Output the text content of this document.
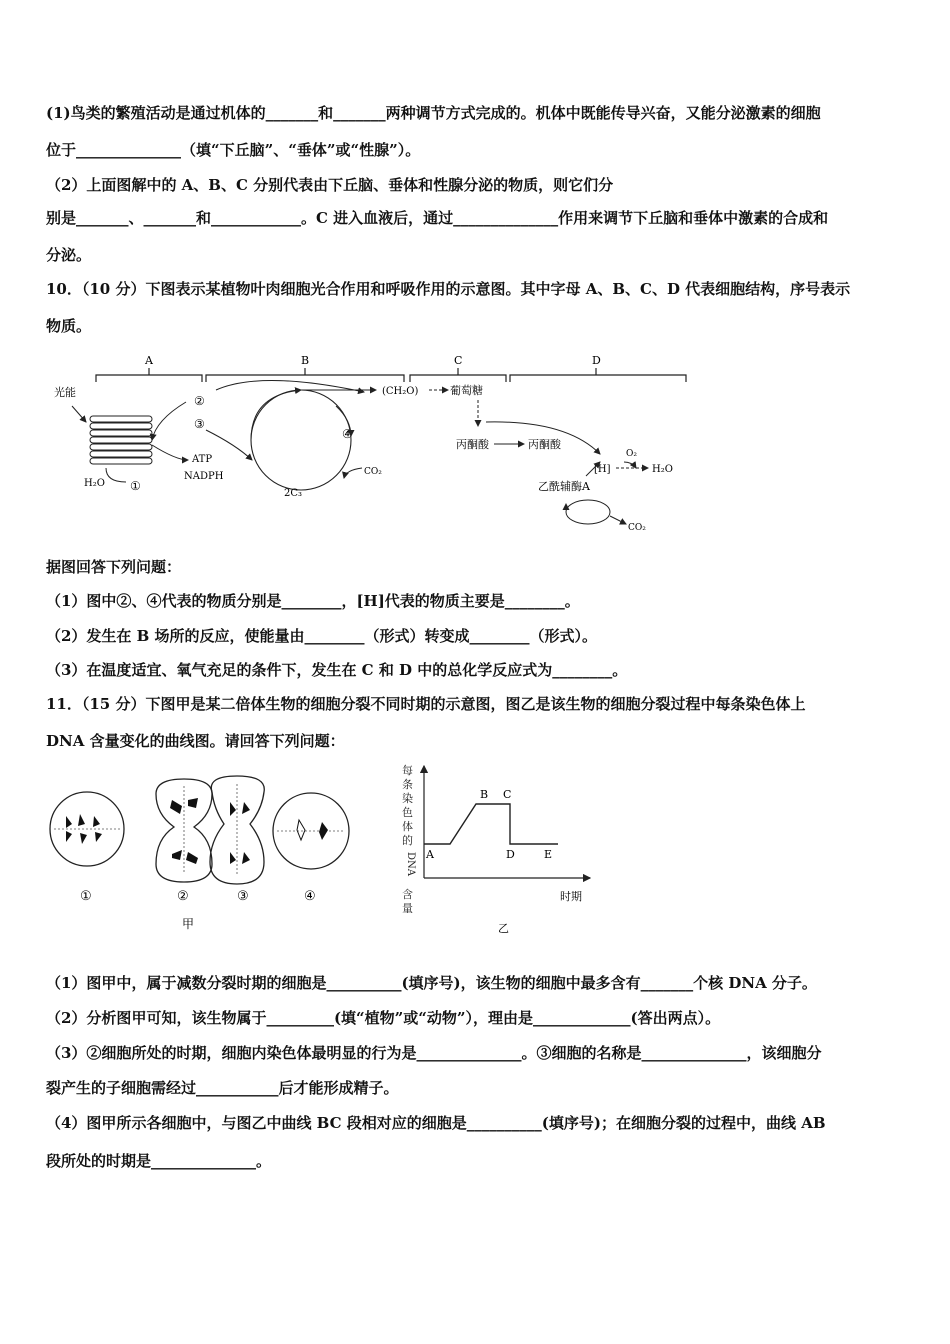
(1)鸟类的繁殖活动是通过机体的_______和_______两种调节方式完成的。机体中既能传导兴奋，又能分泌激素的细胞
位于______________（填“下丘脑”、“垂体”或“性腺”）。
（2）上面图解中的 A、B、C 分别代表由下丘脑、垂体和性腺分泌的物质，则它们分
别是_______、_______和____________。C 进入血液后，通过______________作用来调节下丘脑和垂体中激素的合成和
分泌。
10．（10 分）下图表示某植物叶肉细胞光合作用和呼吸作用的示意图。其中字母 A、B、C、D 代表细胞结构，序号表示
物质。
A	B	C	D
光能
H₂O ①
②
③
④
ATP
NADPH
2C₃
CO₂
(CH₂O)	葡萄糖
丙酮酸	丙酮酸
[H]
O₂
H₂O
乙酰辅酶A
CO₂
据图回答下列问题：
（1）图中②、④代表的物质分别是________，[H]代表的物质主要是________。
（2）发生在 B 场所的反应，使能量由________（形式）转变成________（形式）。
（3）在温度适宜、氧气充足的条件下，发生在 C 和 D 中的总化学反应式为________。
11．（15 分）下图甲是某二倍体生物的细胞分裂不同时期的示意图，图乙是该生物的细胞分裂过程中每条染色体上
DNA 含量变化的曲线图。请回答下列问题：
①	②	③	④
甲
每
条
染
色
体
的
DNA
含
量
A
B C
D	E
时期
乙
（1）图甲中，属于减数分裂时期的细胞是__________(填序号)，该生物的细胞中最多含有_______个核 DNA 分子。
（2）分析图甲可知，该生物属于_________(填“植物”或“动物”），理由是_____________(答出两点）。
（3）②细胞所处的时期，细胞内染色体最明显的行为是______________。③细胞的名称是______________，该细胞分
裂产生的子细胞需经过___________后才能形成精子。
（4）图甲所示各细胞中，与图乙中曲线 BC 段相对应的细胞是__________(填序号)；在细胞分裂的过程中，曲线 AB
段所处的时期是______________。
